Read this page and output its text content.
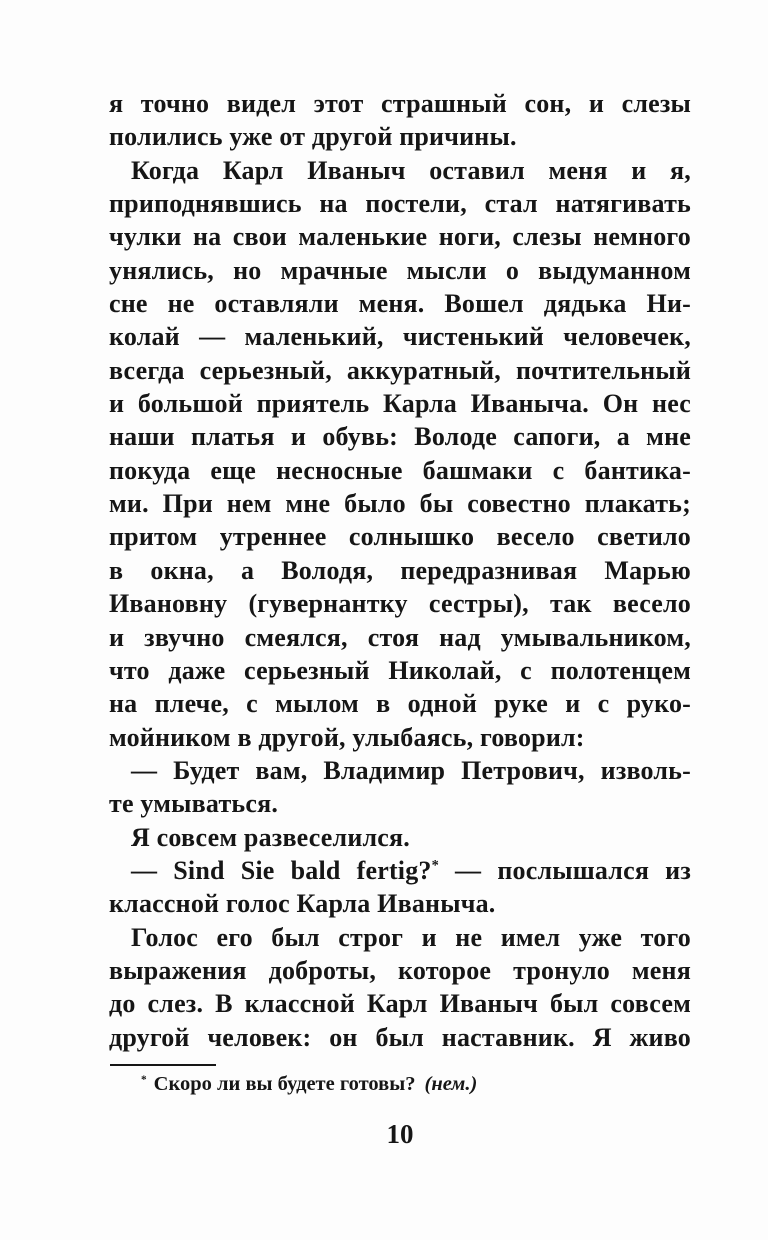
я точно видел этот страшный сон, и слезы
полились уже от другой причины.
Когда Карл Иваныч оставил меня и я,
приподнявшись на постели, стал натягивать
чулки на свои маленькие ноги, слезы немного
унялись, но мрачные мысли о выдуманном
сне не оставляли меня. Вошел дядька Ни-
колай — маленький, чистенький человечек,
всегда серьезный, аккуратный, почтительный
и большой приятель Карла Иваныча. Он нес
наши платья и обувь: Володе сапоги, а мне
покуда еще несносные башмаки с бантика-
ми. При нем мне было бы совестно плакать;
притом утреннее солнышко весело светило
в окна, а Володя, передразнивая Марью
Ивановну (гувернантку сестры), так весело
и звучно смеялся, стоя над умывальником,
что даже серьезный Николай, с полотенцем
на плече, с мылом в одной руке и с руко-
мойником в другой, улыбаясь, говорил:
— Будет вам, Владимир Петрович, изволь-
те умываться.
Я совсем развеселился.
— Sind Sie bald fertig?* — послышался из
классной голос Карла Иваныча.
Голос его был строг и не имел уже того
выражения доброты, которое тронуло меня
до слез. В классной Карл Иваныч был совсем
другой человек: он был наставник. Я живо
* Скоро ли вы будете готовы? (нем.)
10
